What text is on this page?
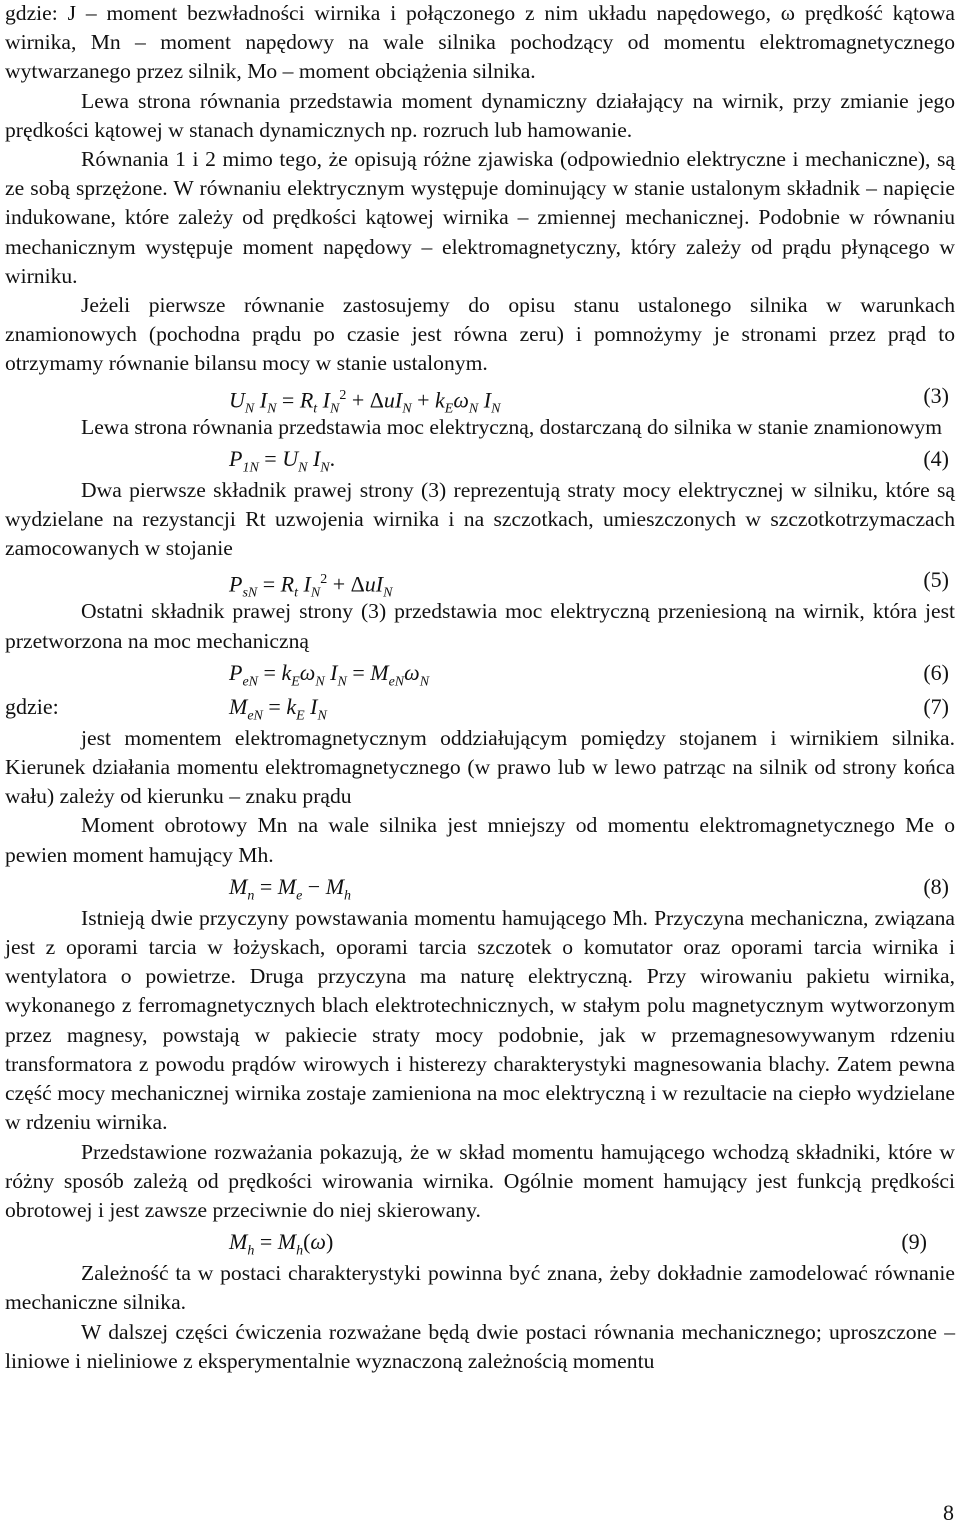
gdzie: J – moment bezwładności wirnika i połączonego z nim układu napędowego, ω prędkość kątowa wirnika, Mn – moment napędowy na wale silnika pochodzący od momentu elektromagnetycznego wytwarzanego przez silnik, Mo – moment obciążenia silnika.

Lewa strona równania przedstawia moment dynamiczny działający na wirnik, przy zmianie jego prędkości kątowej w stanach dynamicznych np. rozruch lub hamowanie.

Równania 1 i 2 mimo tego, że opisują różne zjawiska (odpowiednio elektryczne i mechaniczne), są ze sobą sprzężone. W równaniu elektrycznym występuje dominujący w stanie ustalonym składnik – napięcie indukowane, które zależy od prędkości kątowej wirnika – zmiennej mechanicznej. Podobnie w równaniu mechanicznym występuje moment napędowy – elektromagnetyczny, który zależy od prądu płynącego w wirniku.

Jeżeli pierwsze równanie zastosujemy do opisu stanu ustalonego silnika w warunkach znamionowych (pochodna prądu po czasie jest równa zeru) i pomnożymy je stronami przez prąd to otrzymamy równanie bilansu mocy w stanie ustalonym.

$U_N$ $I_N = R_t$ $I_N^2 + \Delta uI_N + k_E\omega_N$ $I_N$
(3)

Lewa strona równania przedstawia moc elektryczną, dostarczaną do silnika w stanie znamionowym

$P_{1N} = U_N$ $I_N$.	(4)

Dwa pierwsze składnik prawej strony (3) reprezentują straty mocy elektrycznej w silniku, które są wydzielane na rezystancji Rt uzwojenia wirnika i na szczotkach, umieszczonych w szczotkotrzymaczach zamocowanych w stojanie

$P_{sN} = R_t$ $I_N^2 + \Delta uI_N$
(5)

Ostatni składnik prawej strony (3) przedstawia moc elektryczną przeniesioną na wirnik, która jest przetworzona na moc mechaniczną

$P_{eN} = k_E\omega_N$ $I_N = M_{eN}\omega_N$	(6)
gdzie:	$M_{eN} = k_E$ $I_N$	(7)

jest momentem elektromagnetycznym oddziałującym pomiędzy stojanem i wirnikiem silnika. Kierunek działania momentu elektromagnetycznego (w prawo lub w lewo patrząc na silnik od strony końca wału) zależy od kierunku – znaku prądu

Moment obrotowy Mn na wale silnika jest mniejszy od momentu elektromagnetycznego Me o pewien moment hamujący Mh.

$M_n = M_e - M_h$	(8)

Istnieją dwie przyczyny powstawania momentu hamującego Mh. Przyczyna mechaniczna, związana jest z oporami tarcia w łożyskach, oporami tarcia szczotek o komutator oraz oporami tarcia wirnika i wentylatora o powietrze. Druga przyczyna ma naturę elektryczną. Przy wirowaniu pakietu wirnika, wykonanego z ferromagnetycznych blach elektrotechnicznych, w stałym polu magnetycznym wytworzonym przez magnesy, powstają w pakiecie straty mocy podobnie, jak w przemagnesowywanym rdzeniu transformatora z powodu prądów wirowych i histerezy charakterystyki magnesowania blachy. Zatem pewna część mocy mechanicznej wirnika zostaje zamieniona na moc elektryczną i w rezultacie na ciepło wydzielane w rdzeniu wirnika.

Przedstawione rozważania pokazują, że w skład momentu hamującego wchodzą składniki, które w różny sposób zależą od prędkości wirowania wirnika. Ogólnie moment hamujący jest funkcją prędkości obrotowej i jest zawsze przeciwnie do niej skierowany.

$M_h = M_h(\omega)$	(9)

Zależność ta w postaci charakterystyki powinna być znana, żeby dokładnie zamodelować równanie mechaniczne silnika.

W dalszej części ćwiczenia rozważane będą dwie postaci równania mechanicznego; uproszczone – liniowe i nieliniowe z eksperymentalnie wyznaczoną zależnością momentu

8
